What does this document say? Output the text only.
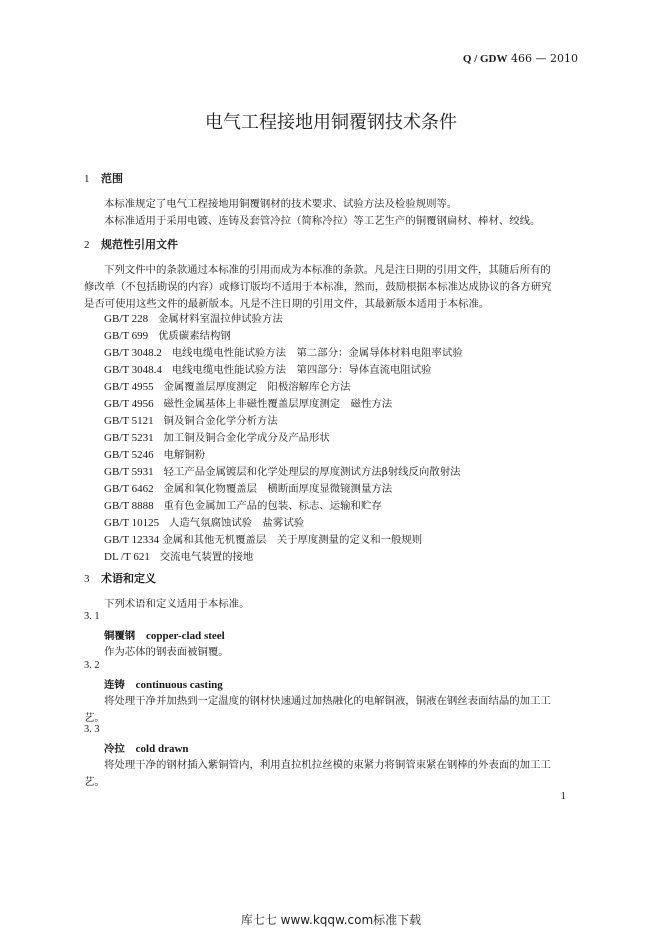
Q / GDW 466 — 2010
电气工程接地用铜覆钢技术条件
1 范围
本标准规定了电气工程接地用铜覆钢材的技术要求、试验方法及检验规则等。
本标准适用于采用电镀、连铸及套管冷拉（简称冷拉）等工艺生产的铜覆钢扁材、棒材、绞线。
2 规范性引用文件
下列文件中的条款通过本标准的引用而成为本标准的条款。凡是注日期的引用文件，其随后所有的
修改单（不包括勘误的内容）或修订版均不适用于本标准，然而，鼓励根据本标准达成协议的各方研究
是否可使用这些文件的最新版本。凡是不注日期的引用文件，其最新版本适用于本标准。
GB/T 228 金属材料室温拉伸试验方法
GB/T 699 优质碳素结构钢
GB/T 3048.2 电线电缆电性能试验方法　第二部分：金属导体材料电阻率试验
GB/T 3048.4 电线电缆电性能试验方法　第四部分：导体直流电阻试验
GB/T 4955 金属覆盖层厚度测定　阳极溶解库仑方法
GB/T 4956 磁性金属基体上非磁性覆盖层厚度测定　磁性方法
GB/T 5121 铜及铜合金化学分析方法
GB/T 5231 加工铜及铜合金化学成分及产品形状
GB/T 5246 电解铜粉
GB/T 5931 轻工产品金属镀层和化学处理层的厚度测试方法β射线反向散射法
GB/T 6462 金属和氧化物覆盖层　横断面厚度显微镜测量方法
GB/T 8888 重有色金属加工产品的包装、标志、运输和贮存
GB/T 10125 人造气氛腐蚀试验　盐雾试验
GB/T 12334 金属和其他无机覆盖层　关于厚度测量的定义和一般规则
DL /T 621 交流电气装置的接地
3 术语和定义
下列术语和定义适用于本标准。
3. 1
铜覆钢 copper-clad steel
作为芯体的钢表面被铜覆。
3. 2
连铸 continuous casting
将处理干净并加热到一定温度的钢材快速通过加热融化的电解铜液，铜液在钢丝表面结晶的加工工
艺。
3. 3
冷拉 cold drawn
将处理干净的钢材插入紫铜管内，利用直拉机拉丝模的束紧力将铜管束紧在钢棒的外表面的加工工
艺。
1
库七七 www.kqqw.com标准下载
